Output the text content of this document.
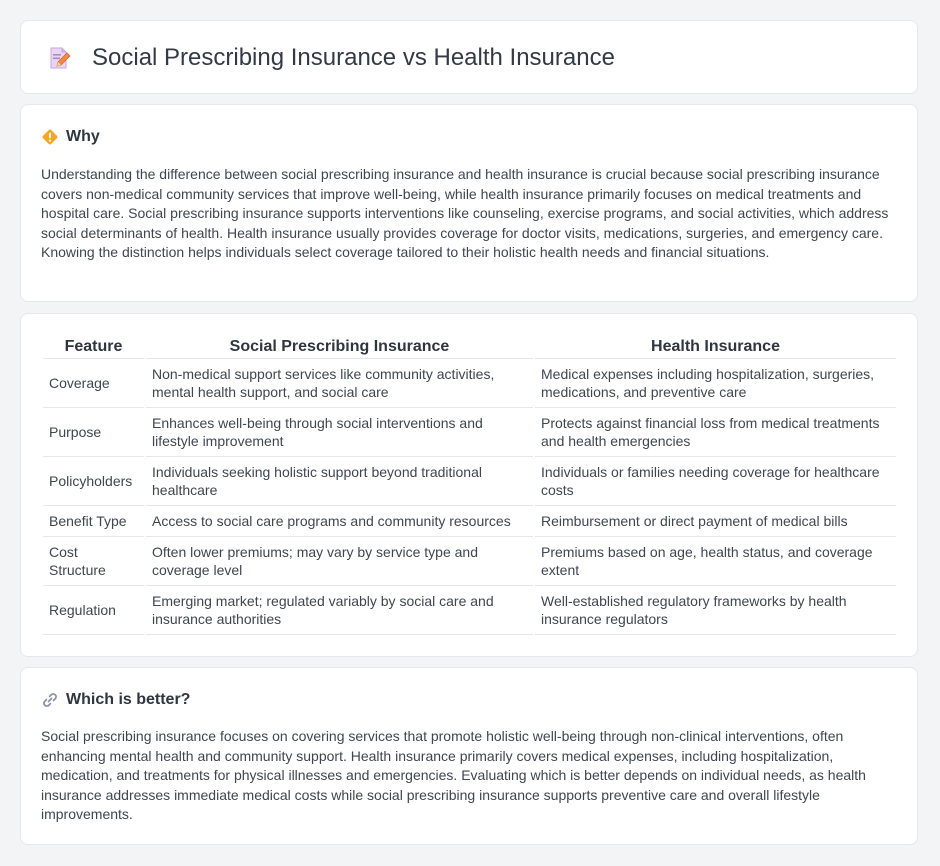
Social Prescribing Insurance vs Health Insurance
Why

Understanding the difference between social prescribing insurance and health insurance is crucial because social prescribing insurance covers non-medical community services that improve well-being, while health insurance primarily focuses on medical treatments and hospital care. Social prescribing insurance supports interventions like counseling, exercise programs, and social activities, which address social determinants of health. Health insurance usually provides coverage for doctor visits, medications, surgeries, and emergency care. Knowing the distinction helps individuals select coverage tailored to their holistic health needs and financial situations.

Feature	Social Prescribing Insurance	Health Insurance
Coverage	Non-medical support services like community activities, mental health support, and social care	Medical expenses including hospitalization, surgeries, medications, and preventive care
Purpose	Enhances well-being through social interventions and lifestyle improvement	Protects against financial loss from medical treatments and health emergencies
Policyholders	Individuals seeking holistic support beyond traditional healthcare	Individuals or families needing coverage for healthcare costs
Benefit Type	Access to social care programs and community resources	Reimbursement or direct payment of medical bills
Cost Structure	Often lower premiums; may vary by service type and coverage level	Premiums based on age, health status, and coverage extent
Regulation	Emerging market; regulated variably by social care and insurance authorities	Well-established regulatory frameworks by health insurance regulators
Which is better?

Social prescribing insurance focuses on covering services that promote holistic well-being through non-clinical interventions, often enhancing mental health and community support. Health insurance primarily covers medical expenses, including hospitalization, medication, and treatments for physical illnesses and emergencies. Evaluating which is better depends on individual needs, as health insurance addresses immediate medical costs while social prescribing insurance supports preventive care and overall lifestyle improvements.
